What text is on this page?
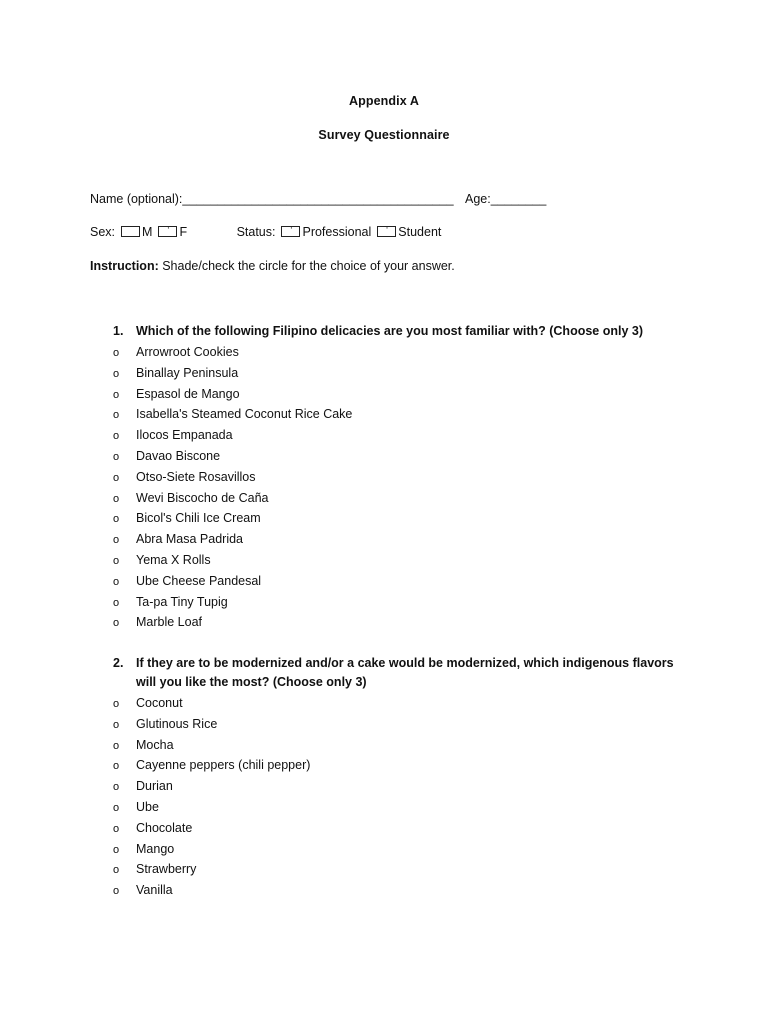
Appendix A
Survey Questionnaire
Name (optional):_______________________________________ Age:________
Sex: M ' F	Status: ' Professional ' Student
Instruction: Shade/check the circle for the choice of your answer.
1. Which of the following Filipino delicacies are you most familiar with? (Choose only 3)
o Arrowroot Cookies
o Binallay Peninsula
o Espasol de Mango
o Isabella's Steamed Coconut Rice Cake
o Ilocos Empanada
o Davao Biscone
o Otso-Siete Rosavillos
o Wevi Biscocho de Caña
o Bicol's Chili Ice Cream
o Abra Masa Padrida
o Yema X Rolls
o Ube Cheese Pandesal
o Ta-pa Tiny Tupig
o Marble Loaf
2. If they are to be modernized and/or a cake would be modernized, which indigenous flavors
will you like the most? (Choose only 3)
o Coconut
o Glutinous Rice
o Mocha
o Cayenne peppers (chili pepper)
o Durian
o Ube
o Chocolate
o Mango
o Strawberry
o Vanilla
